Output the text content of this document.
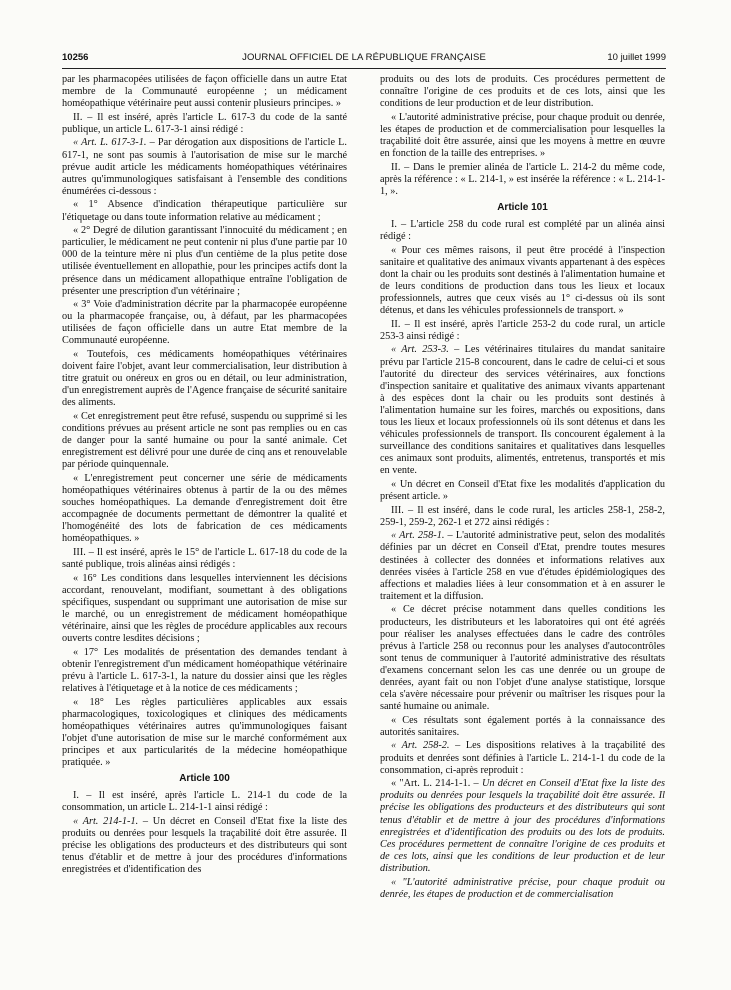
10256	JOURNAL OFFICIEL DE LA RÉPUBLIQUE FRANÇAISE	10 juillet 1999

par les pharmacopées utilisées de façon officielle dans un autre Etat membre de la Communauté européenne ; un médicament homéopathique vétérinaire peut aussi contenir plusieurs principes. »

II. – Il est inséré, après l'article L. 617-3 du code de la santé publique, un article L. 617-3-1 ainsi rédigé :

« Art. L. 617-3-1. – Par dérogation aux dispositions de l'article L. 617-1, ne sont pas soumis à l'autorisation de mise sur le marché prévue audit article les médicaments homéopathiques vétérinaires autres qu'immunologiques satisfaisant à l'ensemble des conditions énumérées ci-dessous :

« 1° Absence d'indication thérapeutique particulière sur l'étiquetage ou dans toute information relative au médicament ;

« 2° Degré de dilution garantissant l'innocuité du médicament ; en particulier, le médicament ne peut contenir ni plus d'une partie par 10 000 de la teinture mère ni plus d'un centième de la plus petite dose utilisée éventuellement en allopathie, pour les principes actifs dont la présence dans un médicament allopathique entraîne l'obligation de présenter une prescription d'un vétérinaire ;

« 3° Voie d'administration décrite par la pharmacopée européenne ou la pharmacopée française, ou, à défaut, par les pharmacopées utilisées de façon officielle dans un autre Etat membre de la Communauté européenne.

« Toutefois, ces médicaments homéopathiques vétérinaires doivent faire l'objet, avant leur commercialisation, leur distribution à titre gratuit ou onéreux en gros ou en détail, ou leur administration, d'un enregistrement auprès de l'Agence française de sécurité sanitaire des aliments.

« Cet enregistrement peut être refusé, suspendu ou supprimé si les conditions prévues au présent article ne sont pas remplies ou en cas de danger pour la santé humaine ou pour la santé animale. Cet enregistrement est délivré pour une durée de cinq ans et renouvelable par période quinquennale.

« L'enregistrement peut concerner une série de médicaments homéopathiques vétérinaires obtenus à partir de la ou des mêmes souches homéopathiques. La demande d'enregistrement doit être accompagnée de documents permettant de démontrer la qualité et l'homogénéité des lots de fabrication de ces médicaments homéopathiques. »

III. – Il est inséré, après le 15° de l'article L. 617-18 du code de la santé publique, trois alinéas ainsi rédigés :

« 16° Les conditions dans lesquelles interviennent les décisions accordant, renouvelant, modifiant, soumettant à des obligations spécifiques, suspendant ou supprimant une autorisation de mise sur le marché, ou un enregistrement de médicament homéopathique vétérinaire, ainsi que les règles de procédure applicables aux recours ouverts contre lesdites décisions ;

« 17° Les modalités de présentation des demandes tendant à obtenir l'enregistrement d'un médicament homéopathique vétérinaire prévu à l'article L. 617-3-1, la nature du dossier ainsi que les règles relatives à l'étiquetage et à la notice de ces médicaments ;

« 18° Les règles particulières applicables aux essais pharmacologiques, toxicologiques et cliniques des médicaments homéopathiques vétérinaires autres qu'immunologiques faisant l'objet d'une autorisation de mise sur le marché conformément aux principes et aux particularités de la médecine homéopathique pratiquée. »

Article 100

I. – Il est inséré, après l'article L. 214-1 du code de la consommation, un article L. 214-1-1 ainsi rédigé :

« Art. 214-1-1. – Un décret en Conseil d'Etat fixe la liste des produits ou denrées pour lesquels la traçabilité doit être assurée. Il précise les obligations des producteurs et des distributeurs qui sont tenus d'établir et de mettre à jour des procédures d'informations enregistrées et d'identification des

produits ou des lots de produits. Ces procédures permettent de connaître l'origine de ces produits et de ces lots, ainsi que les conditions de leur production et de leur distribution.

« L'autorité administrative précise, pour chaque produit ou denrée, les étapes de production et de commercialisation pour lesquelles la traçabilité doit être assurée, ainsi que les moyens à mettre en œuvre en fonction de la taille des entreprises. »

II. – Dans le premier alinéa de l'article L. 214-2 du même code, après la référence : « L. 214-1, » est insérée la référence : « L. 214-1-1, ».

Article 101

I. – L'article 258 du code rural est complété par un alinéa ainsi rédigé :

« Pour ces mêmes raisons, il peut être procédé à l'inspection sanitaire et qualitative des animaux vivants appartenant à des espèces dont la chair ou les produits sont destinés à l'alimentation humaine et de leurs conditions de production dans tous les lieux et locaux professionnels, autres que ceux visés au 1° ci-dessus où ils sont détenus, et dans les véhicules professionnels de transport. »

II. – Il est inséré, après l'article 253-2 du code rural, un article 253-3 ainsi rédigé :

« Art. 253-3. – Les vétérinaires titulaires du mandat sanitaire prévu par l'article 215-8 concourent, dans le cadre de celui-ci et sous l'autorité du directeur des services vétérinaires, aux fonctions d'inspection sanitaire et qualitative des animaux vivants appartenant à des espèces dont la chair ou les produits sont destinés à l'alimentation humaine sur les foires, marchés ou expositions, dans tous les lieux et locaux professionnels où ils sont détenus et dans les véhicules professionnels de transport. Ils concourent également à la surveillance des conditions sanitaires et qualitatives dans lesquelles ces animaux sont produits, alimentés, entretenus, transportés et mis en vente.

« Un décret en Conseil d'Etat fixe les modalités d'application du présent article. »

III. – Il est inséré, dans le code rural, les articles 258-1, 258-2, 259-1, 259-2, 262-1 et 272 ainsi rédigés :

« Art. 258-1. – L'autorité administrative peut, selon des modalités définies par un décret en Conseil d'Etat, prendre toutes mesures destinées à collecter des données et informations relatives aux denrées visées à l'article 258 en vue d'études épidémiologiques des affections et maladies liées à leur consommation et à en assurer le traitement et la diffusion.

« Ce décret précise notamment dans quelles conditions les producteurs, les distributeurs et les laboratoires qui ont été agréés pour réaliser les analyses effectuées dans le cadre des contrôles prévus à l'article 258 ou reconnus pour les analyses d'autocontrôles sont tenus de communiquer à l'autorité administrative des résultats d'examens concernant selon les cas une denrée ou un groupe de denrées, ayant fait ou non l'objet d'une analyse statistique, lorsque cela s'avère nécessaire pour prévenir ou maîtriser les risques pour la santé humaine ou animale.

« Ces résultats sont également portés à la connaissance des autorités sanitaires.

« Art. 258-2. – Les dispositions relatives à la traçabilité des produits et denrées sont définies à l'article L. 214-1-1 du code de la consommation, ci-après reproduit :

« "Art. L. 214-1-1. – Un décret en Conseil d'Etat fixe la liste des produits ou denrées pour lesquels la traçabilité doit être assurée. Il précise les obligations des producteurs et des distributeurs qui sont tenus d'établir et de mettre à jour des procédures d'informations enregistrées et d'identification des produits ou des lots de produits. Ces procédures permettent de connaître l'origine de ces produits et de ces lots, ainsi que les conditions de leur production et de leur distribution.

« "L'autorité administrative précise, pour chaque produit ou denrée, les étapes de production et de commercialisation
